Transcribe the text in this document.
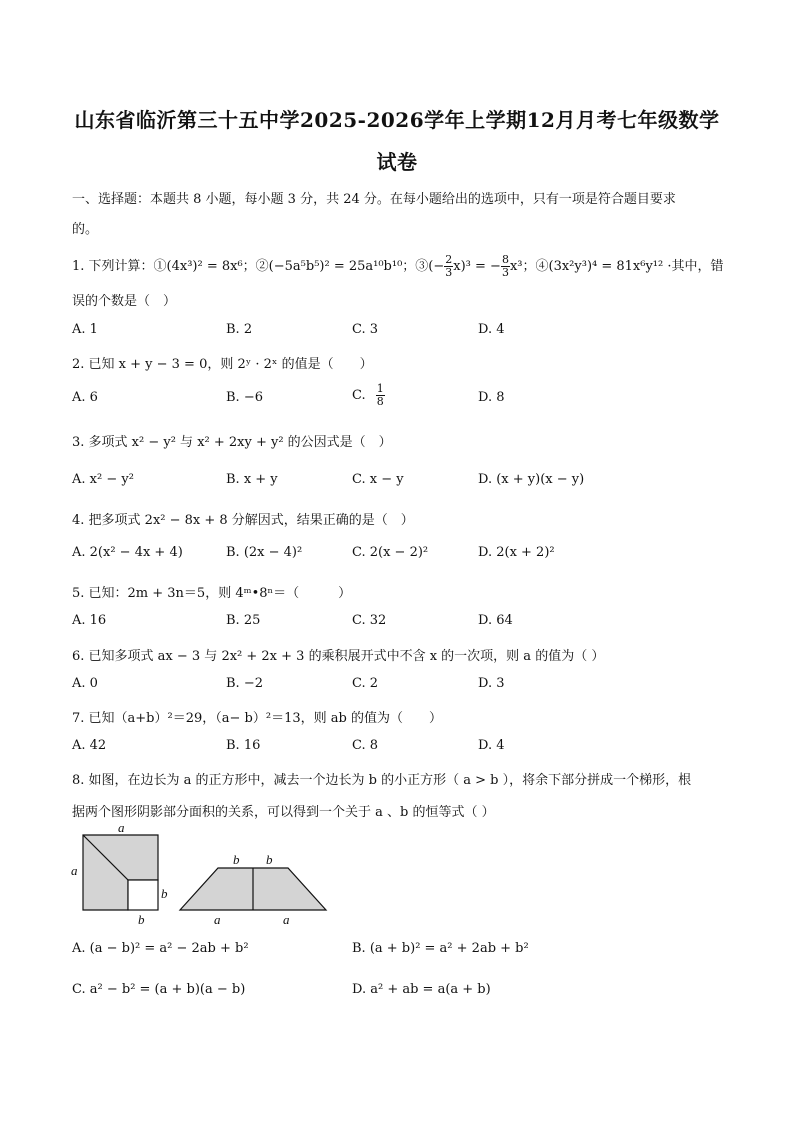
山东省临沂第三十五中学2025-2026学年上学期12月月考七年级数学
试卷
一、选择题：本题共 8 小题，每小题 3 分，共 24 分。在每小题给出的选项中，只有一项是符合题目要求
的。
1. 下列计算：①(4x³)² = 8x⁶；②(−5a⁵b⁵)² = 25a¹⁰b¹⁰；③(− $\frac{2}{3} x)^3$ = − $\frac{8}{3} x^3$；④(3x²y³)⁴ = 81x⁶y¹² ·其中，错
误的个数是（　）
A. 1	B. 2	C. 3	D. 4
2. 已知 x + y − 3 = 0，则 2ʸ · 2ˣ 的值是（　　）
A. 6	B. −6	C. $\frac{1}{8}$	D. 8
3. 多项式 x² − y² 与 x² + 2xy + y² 的公因式是（　）
A. x² − y²	B. x + y	C. x − y	D. (x + y)(x − y)
4. 把多项式 2x² − 8x + 8 分解因式，结果正确的是（　）
A. 2(x² − 4x + 4)	B. (2x − 4)²	C. 2(x − 2)²	D. 2(x + 2)²
5. 已知：2m + 3n＝5，则 4ᵐ•8ⁿ＝（　　　）
A. 16	B. 25	C. 32	D. 64
6. 已知多项式 ax − 3 与 2x² + 2x + 3 的乘积展开式中不含 x 的一次项，则 a 的值为（ ）
A. 0	B. −2	C. 2	D. 3
7. 已知（a+b）²＝29，（a− b）²＝13，则 ab 的值为（　　）
A. 42	B. 16	C. 8	D. 4
8. 如图，在边长为 a 的正方形中，减去一个边长为 b 的小正方形（ a > b ），将余下部分拼成一个梯形，根
据两个图形阴影部分面积的关系，可以得到一个关于 a 、b 的恒等式（ ）
a
a
b
b
b b
a	a
A. (a − b)² = a² − 2ab + b²	B. (a + b)² = a² + 2ab + b²
C. a² − b² = (a + b)(a − b)	D. a² + ab = a(a + b)
